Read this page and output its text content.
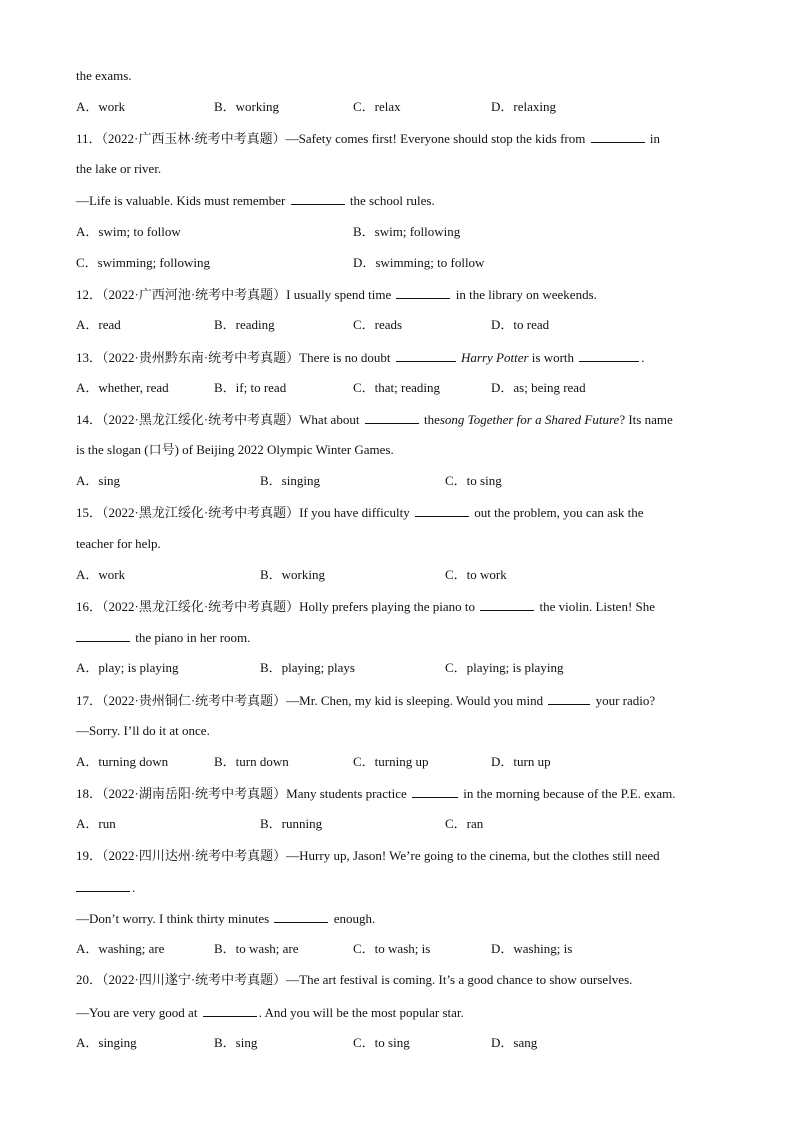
the exams.
A．work	B．working	C．relax	D．relaxing
11．（2022·广西玉林·统考中考真题）—Safety comes first! Everyone should stop the kids from	in
the lake or river.
—Life is valuable. Kids must remember	the school rules.
A．swim; to follow	B．swim; following
C．swimming; following	D．swimming; to follow
12．（2022·广西河池·统考中考真题）I usually spend time	in the library on weekends.
A．read	B．reading	C．reads	D．to read
13．（2022·贵州黔东南·统考中考真题）There is no doubt	Harry Potter is worth	.
A．whether, read	B．if; to read	C．that; reading	D．as; being read
14．（2022·黑龙江绥化·统考中考真题）What about	thesong Together for a Shared Future? Its name
is the slogan (口号) of Beijing 2022 Olympic Winter Games.
A．sing	B．singing	C．to sing
15．（2022·黑龙江绥化·统考中考真题）If you have difficulty	out the problem, you can ask the
teacher for help.
A．work	B．working	C．to work
16．（2022·黑龙江绥化·统考中考真题）Holly prefers playing the piano to	the violin. Listen! She
the piano in her room.
A．play; is playing	B．playing; plays	C．playing; is playing
17．（2022·贵州铜仁·统考中考真题）—Mr. Chen, my kid is sleeping. Would you mind	your radio?
—Sorry. I’ll do it at once.
A．turning down	B．turn down	C．turning up	D．turn up
18．（2022·湖南岳阳·统考中考真题）Many students practice	in the morning because of the P.E. exam.
A．run	B．running	C．ran
19．（2022·四川达州·统考中考真题）—Hurry up, Jason! We’re going to the cinema, but the clothes still need
.
—Don’t worry. I think thirty minutes	enough.
A．washing; are	B．to wash; are	C．to wash; is	D．washing; is
20．（2022·四川遂宁·统考中考真题）—The art festival is coming. It’s a good chance to show ourselves.
—You are very good at	. And you will be the most popular star.
A．singing	B．sing	C．to sing	D．sang
